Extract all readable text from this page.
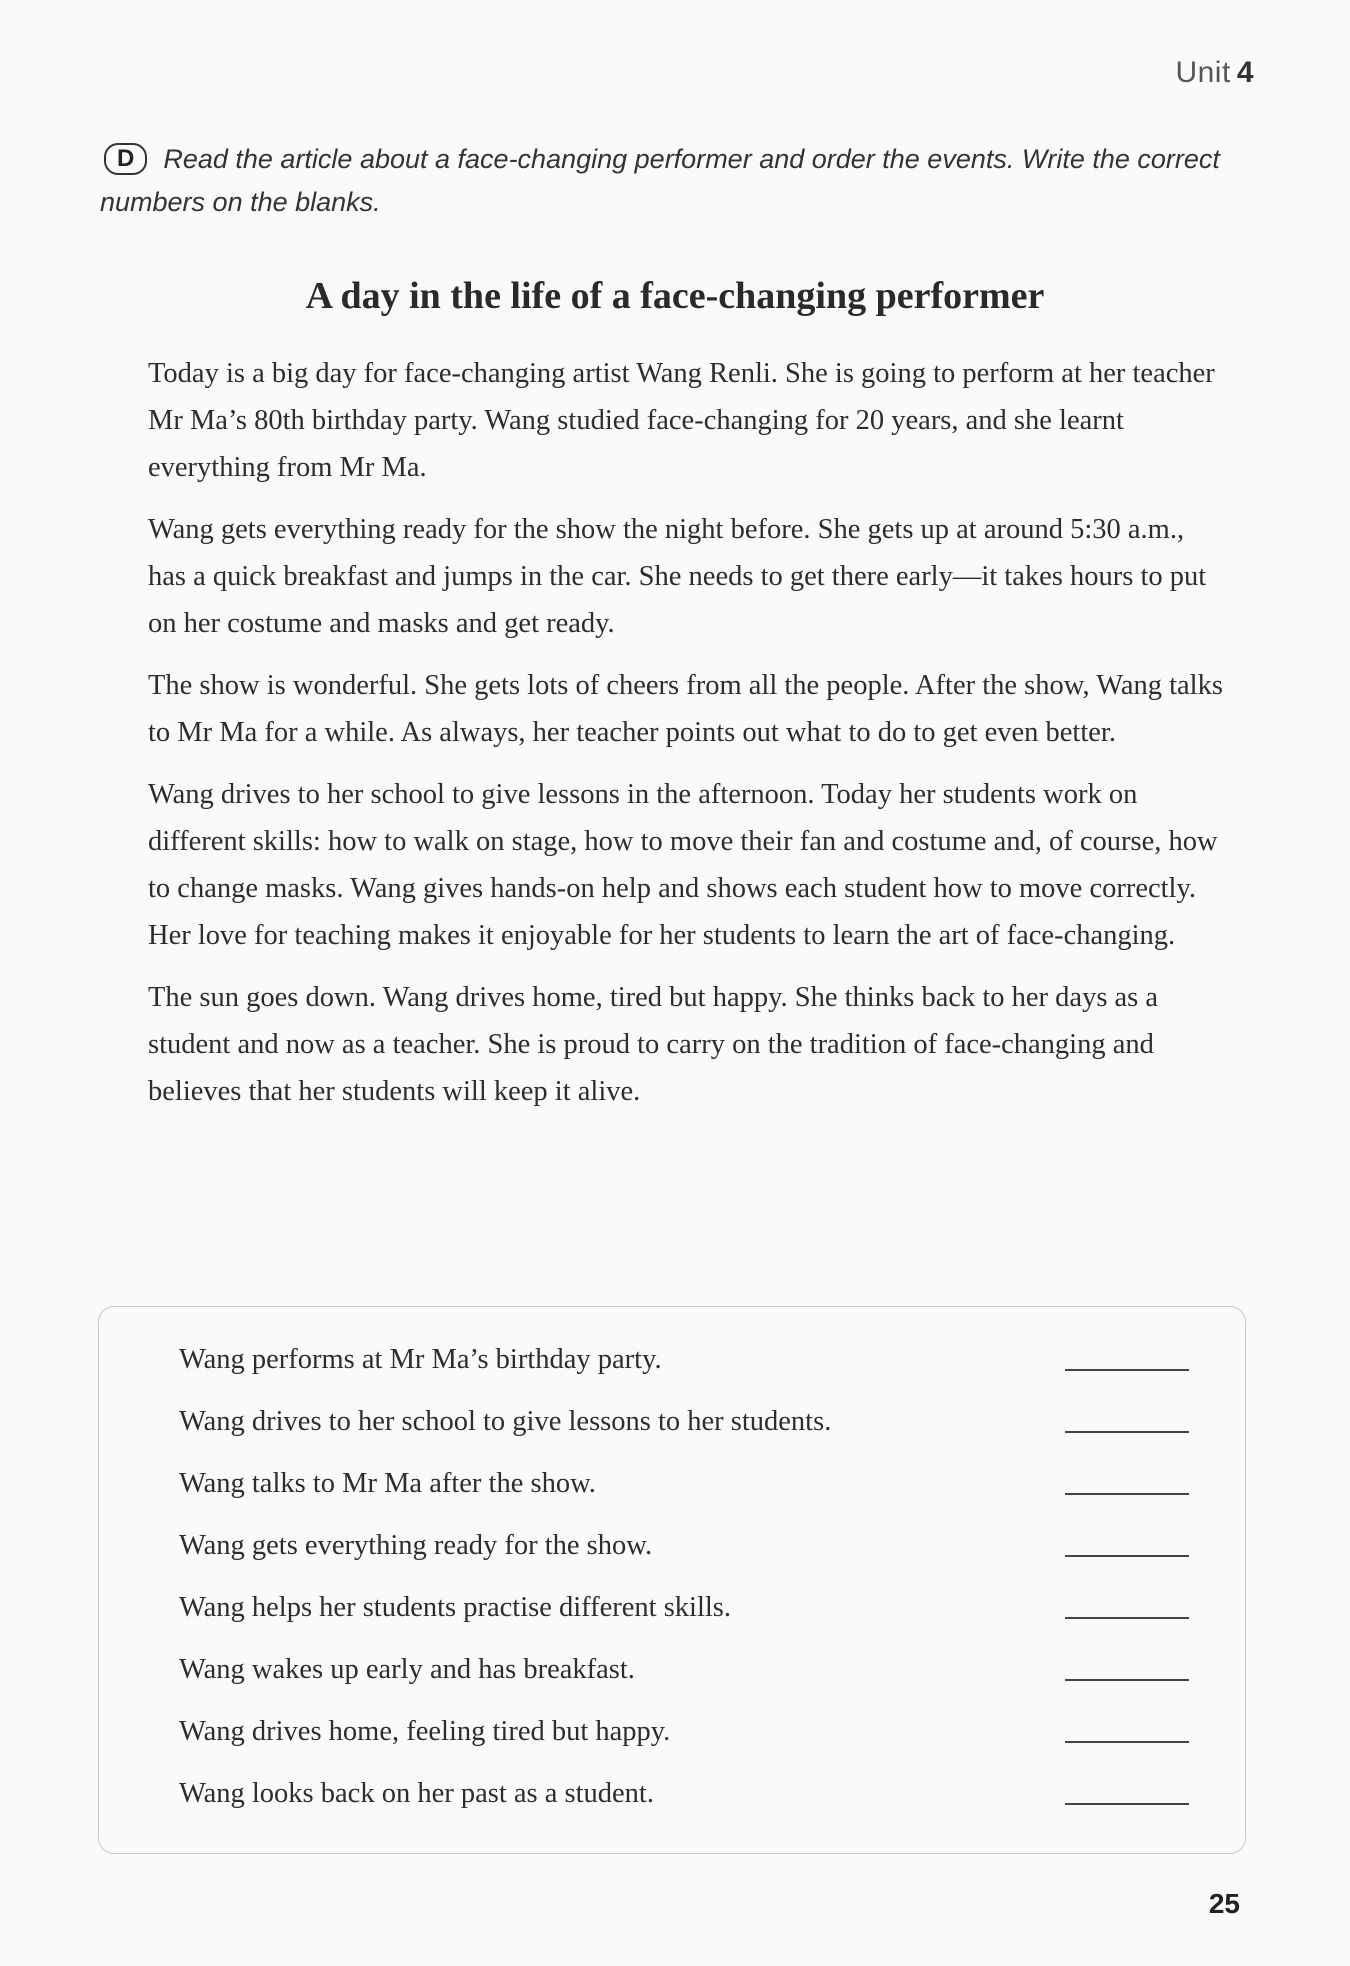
Unit 4
D Read the article about a face-changing performer and order the events. Write the correct numbers on the blanks.
A day in the life of a face-changing performer

Today is a big day for face-changing artist Wang Renli. She is going to perform at her teacher Mr Ma’s 80th birthday party. Wang studied face-changing for 20 years, and she learnt everything from Mr Ma.

Wang gets everything ready for the show the night before. She gets up at around 5:30 a.m., has a quick breakfast and jumps in the car. She needs to get there early—it takes hours to put on her costume and masks and get ready.

The show is wonderful. She gets lots of cheers from all the people. After the show, Wang talks to Mr Ma for a while. As always, her teacher points out what to do to get even better.

Wang drives to her school to give lessons in the afternoon. Today her students work on different skills: how to walk on stage, how to move their fan and costume and, of course, how to change masks. Wang gives hands-on help and shows each student how to move correctly. Her love for teaching makes it enjoyable for her students to learn the art of face-changing.

The sun goes down. Wang drives home, tired but happy. She thinks back to her days as a student and now as a teacher. She is proud to carry on the tradition of face-changing and believes that her students will keep it alive.

Wang performs at Mr Ma’s birthday party.
Wang drives to her school to give lessons to her students.
Wang talks to Mr Ma after the show.
Wang gets everything ready for the show.
Wang helps her students practise different skills.
Wang wakes up early and has breakfast.
Wang drives home, feeling tired but happy.
Wang looks back on her past as a student.
25
